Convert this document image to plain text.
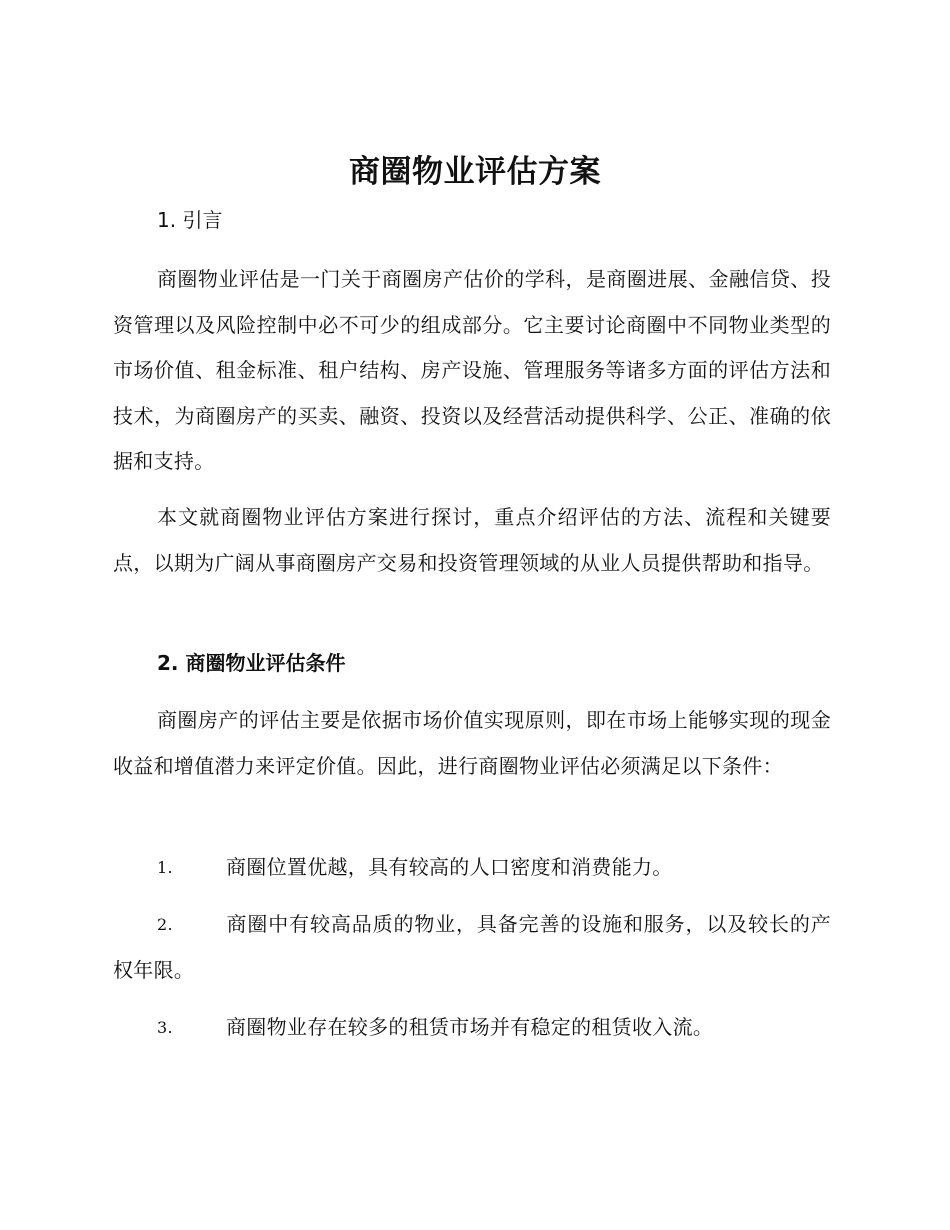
商圈物业评估方案
1. 引言

商圈物业评估是一门关于商圈房产估价的学科，是商圈进展、金融信贷、投资管理以及风险控制中必不可少的组成部分。它主要讨论商圈中不同物业类型的市场价值、租金标准、租户结构、房产设施、管理服务等诸多方面的评估方法和技术，为商圈房产的买卖、融资、投资以及经营活动提供科学、公正、准确的依据和支持。

本文就商圈物业评估方案进行探讨，重点介绍评估的方法、流程和关键要点，以期为广阔从事商圈房产交易和投资管理领域的从业人员提供帮助和指导。

2. 商圈物业评估条件

商圈房产的评估主要是依据市场价值实现原则，即在市场上能够实现的现金收益和增值潜力来评定价值。因此，进行商圈物业评估必须满足以下条件：

1.	商圈位置优越，具有较高的人口密度和消费能力。

2.	商圈中有较高品质的物业，具备完善的设施和服务，以及较长的产权年限。

3.	商圈物业存在较多的租赁市场并有稳定的租赁收入流。
